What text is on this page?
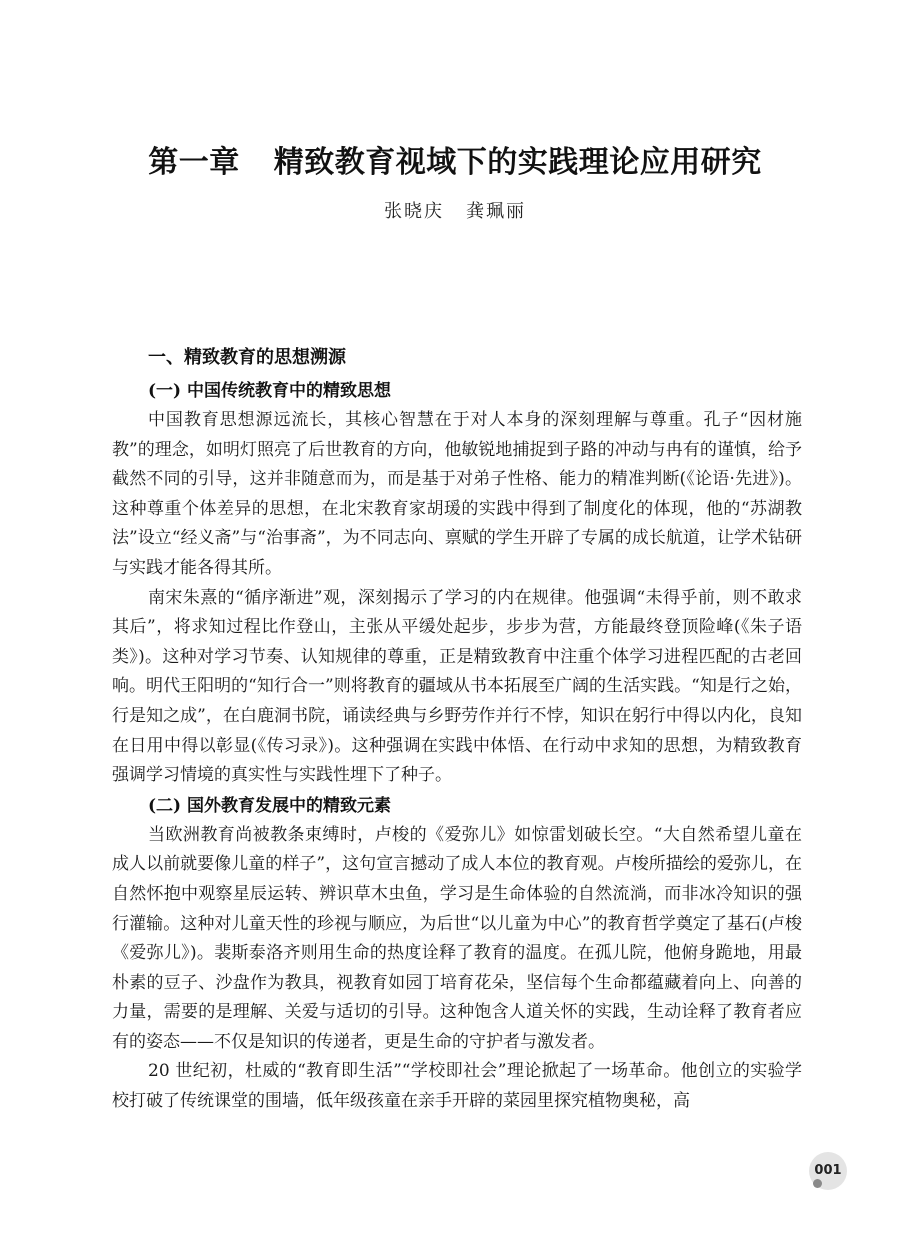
第一章 精致教育视域下的实践理论应用研究
张晓庆 龚珮丽
一、精致教育的思想溯源
(一) 中国传统教育中的精致思想

中国教育思想源远流长，其核心智慧在于对人本身的深刻理解与尊重。孔子“因材施教”的理念，如明灯照亮了后世教育的方向，他敏锐地捕捉到子路的冲动与冉有的谨慎，给予截然不同的引导，这并非随意而为，而是基于对弟子性格、能力的精准判断(《论语·先进》)。这种尊重个体差异的思想，在北宋教育家胡瑗的实践中得到了制度化的体现，他的“苏湖教法”设立“经义斋”与“治事斋”，为不同志向、禀赋的学生开辟了专属的成长航道，让学术钻研与实践才能各得其所。

南宋朱熹的“循序渐进”观，深刻揭示了学习的内在规律。他强调“未得乎前，则不敢求其后”，将求知过程比作登山，主张从平缓处起步，步步为营，方能最终登顶险峰(《朱子语类》)。这种对学习节奏、认知规律的尊重，正是精致教育中注重个体学习进程匹配的古老回响。明代王阳明的“知行合一”则将教育的疆域从书本拓展至广阔的生活实践。“知是行之始，行是知之成”，在白鹿洞书院，诵读经典与乡野劳作并行不悖，知识在躬行中得以内化，良知在日用中得以彰显(《传习录》)。这种强调在实践中体悟、在行动中求知的思想，为精致教育强调学习情境的真实性与实践性埋下了种子。

(二) 国外教育发展中的精致元素

当欧洲教育尚被教条束缚时，卢梭的《爱弥儿》如惊雷划破长空。“大自然希望儿童在成人以前就要像儿童的样子”，这句宣言撼动了成人本位的教育观。卢梭所描绘的爱弥儿，在自然怀抱中观察星辰运转、辨识草木虫鱼，学习是生命体验的自然流淌，而非冰冷知识的强行灌输。这种对儿童天性的珍视与顺应，为后世“以儿童为中心”的教育哲学奠定了基石(卢梭《爱弥儿》)。裴斯泰洛齐则用生命的热度诠释了教育的温度。在孤儿院，他俯身跪地，用最朴素的豆子、沙盘作为教具，视教育如园丁培育花朵，坚信每个生命都蕴藏着向上、向善的力量，需要的是理解、关爱与适切的引导。这种饱含人道关怀的实践，生动诠释了教育者应有的姿态——不仅是知识的传递者，更是生命的守护者与激发者。

20 世纪初，杜威的“教育即生活”“学校即社会”理论掀起了一场革命。他创立的实验学校打破了传统课堂的围墙，低年级孩童在亲手开辟的菜园里探究植物奥秘，高

001
